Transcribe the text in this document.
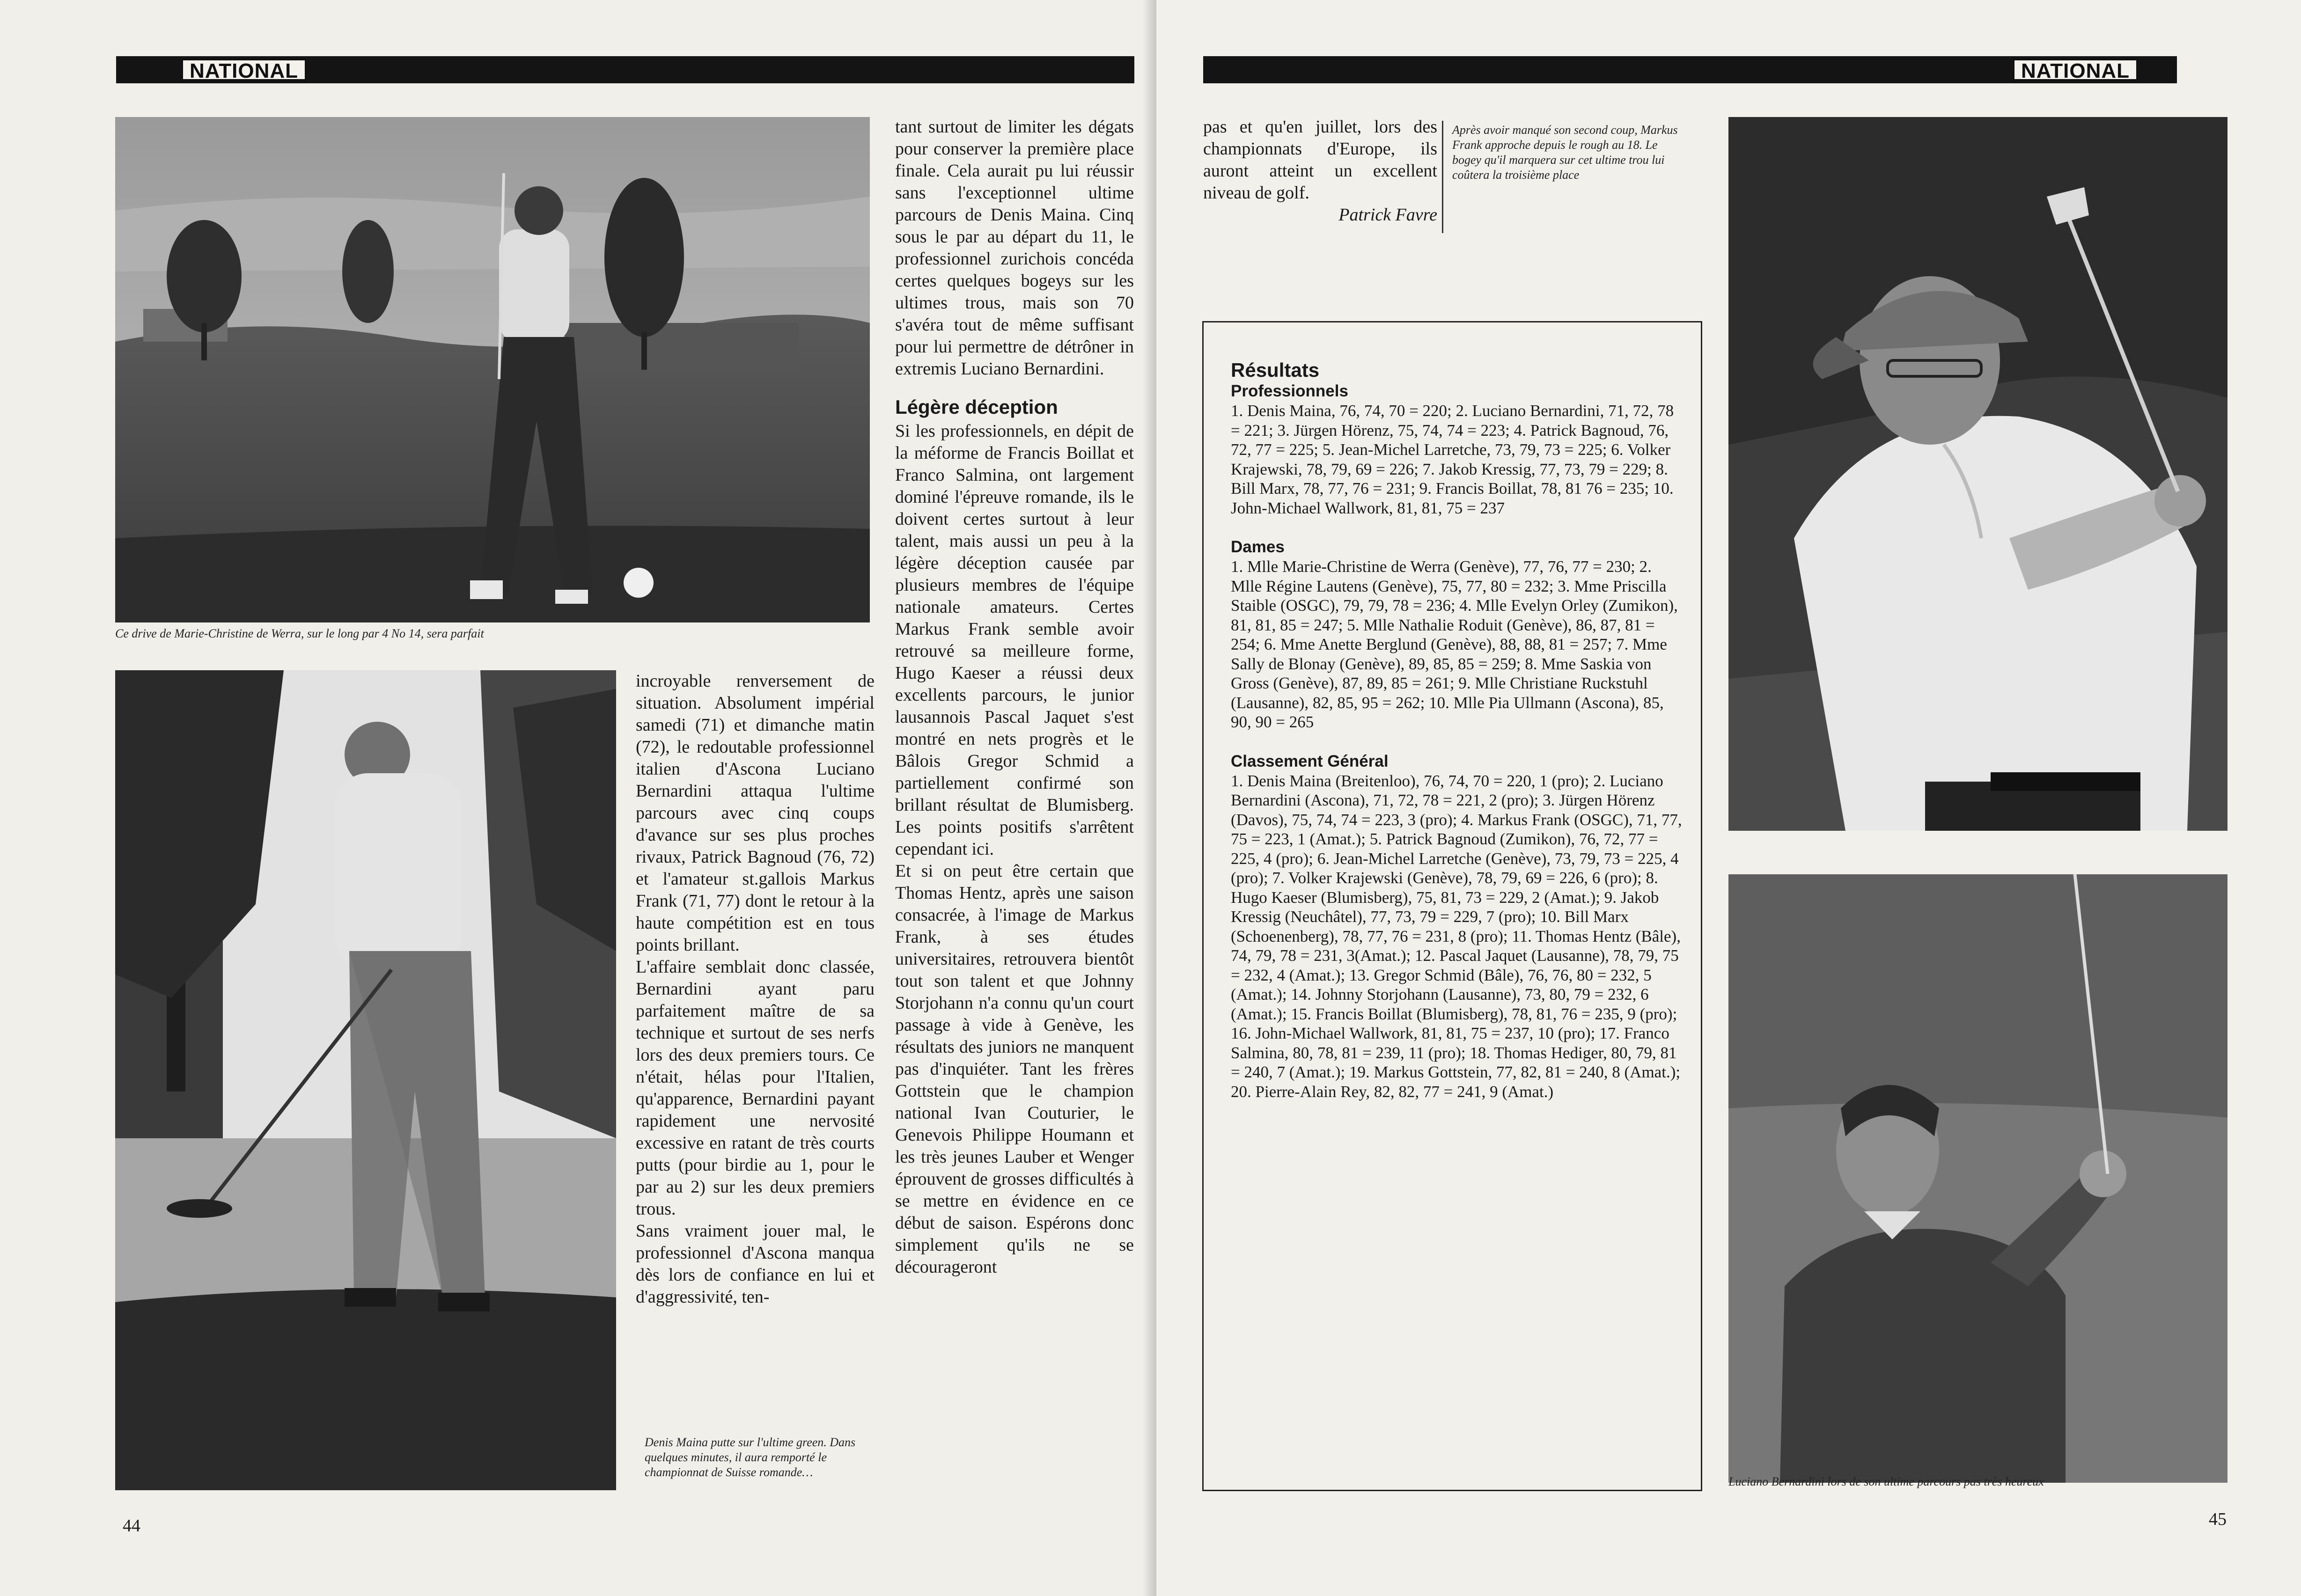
NATIONAL
Ce drive de Marie-Christine de Werra, sur le long par 4 No 14, sera parfait
Denis Maina putte sur l'ultime green. Dans quelques minutes, il aura remporté le championnat de Suisse romande…

incroyable renversement de situation. Absolument impérial samedi (71) et dimanche matin (72), le redoutable professionnel italien d'Ascona Luciano Bernardini attaqua l'ultime parcours avec cinq coups d'avance sur ses plus proches rivaux, Patrick Bagnoud (76, 72) et l'amateur st.gallois Markus Frank (71, 77) dont le retour à la haute compétition est en tous points brillant.

L'affaire semblait donc classée, Bernardini ayant paru parfaitement maître de sa technique et surtout de ses nerfs lors des deux premiers tours. Ce n'était, hélas pour l'Italien, qu'apparence, Bernardini payant rapidement une nervosité excessive en ratant de très courts putts (pour birdie au 1, pour le par au 2) sur les deux premiers trous.

Sans vraiment jouer mal, le professionnel d'Ascona manqua dès lors de confiance en lui et d'aggressivité, ten-

tant surtout de limiter les dégats pour conserver la première place finale. Cela aurait pu lui réussir sans l'exceptionnel ultime parcours de Denis Maina. Cinq sous le par au départ du 11, le professionnel zurichois concéda certes quelques bogeys sur les ultimes trous, mais son 70 s'avéra tout de même suffisant pour lui permettre de détrôner in extremis Luciano Bernardini.

Légère déception

Si les professionnels, en dépit de la méforme de Francis Boillat et Franco Salmina, ont largement dominé l'épreuve romande, ils le doivent certes surtout à leur talent, mais aussi un peu à la légère déception causée par plusieurs membres de l'équipe nationale amateurs. Certes Markus Frank semble avoir retrouvé sa meilleure forme, Hugo Kaeser a réussi deux excellents parcours, le junior lausannois Pascal Jaquet s'est montré en nets progrès et le Bâlois Gregor Schmid a partiellement confirmé son brillant résultat de Blumisberg. Les points positifs s'arrêtent cependant ici.

Et si on peut être certain que Thomas Hentz, après une saison consacrée, à l'image de Markus Frank, à ses études universitaires, retrouvera bientôt tout son talent et que Johnny Storjohann n'a connu qu'un court passage à vide à Genève, les résultats des juniors ne manquent pas d'inquiéter. Tant les frères Gottstein que le champion national Ivan Couturier, le Genevois Philippe Houmann et les très jeunes Lauber et Wenger éprouvent de grosses difficultés à se mettre en évidence en ce début de saison. Espérons donc simplement qu'ils ne se décourageront

44
NATIONAL

pas et qu'en juillet, lors des championnats d'Europe, ils auront atteint un excellent niveau de golf.

Patrick Favre

Après avoir manqué son second coup, Markus Frank approche depuis le rough au 18. Le bogey qu'il marquera sur cet ultime trou lui coûtera la troisième place
Résultats
Professionnels

1. Denis Maina, 76, 74, 70 = 220; 2. Luciano Bernardini, 71, 72, 78 = 221; 3. Jürgen Hörenz, 75, 74, 74 = 223; 4. Patrick Bagnoud, 76, 72, 77 = 225; 5. Jean-Michel Larretche, 73, 79, 73 = 225; 6. Volker Krajewski, 78, 79, 69 = 226; 7. Jakob Kressig, 77, 73, 79 = 229; 8. Bill Marx, 78, 77, 76 = 231; 9. Francis Boillat, 78, 81 76 = 235; 10. John-Michael Wallwork, 81, 81, 75 = 237

Dames

1. Mlle Marie-Christine de Werra (Genève), 77, 76, 77 = 230; 2. Mlle Régine Lautens (Genève), 75, 77, 80 = 232; 3. Mme Priscilla Staible (OSGC), 79, 79, 78 = 236; 4. Mlle Evelyn Orley (Zumikon), 81, 81, 85 = 247; 5. Mlle Nathalie Roduit (Genève), 86, 87, 81 = 254; 6. Mme Anette Berglund (Genève), 88, 88, 81 = 257; 7. Mme Sally de Blonay (Genève), 89, 85, 85 = 259; 8. Mme Saskia von Gross (Genève), 87, 89, 85 = 261; 9. Mlle Christiane Ruckstuhl (Lausanne), 82, 85, 95 = 262; 10. Mlle Pia Ullmann (Ascona), 85, 90, 90 = 265

Classement Général

1. Denis Maina (Breitenloo), 76, 74, 70 = 220, 1 (pro); 2. Luciano Bernardini (Ascona), 71, 72, 78 = 221, 2 (pro); 3. Jürgen Hörenz (Davos), 75, 74, 74 = 223, 3 (pro); 4. Markus Frank (OSGC), 71, 77, 75 = 223, 1 (Amat.); 5. Patrick Bagnoud (Zumikon), 76, 72, 77 = 225, 4 (pro); 6. Jean-Michel Larretche (Genève), 73, 79, 73 = 225, 4 (pro); 7. Volker Krajewski (Genève), 78, 79, 69 = 226, 6 (pro); 8. Hugo Kaeser (Blumisberg), 75, 81, 73 = 229, 2 (Amat.); 9. Jakob Kressig (Neuchâtel), 77, 73, 79 = 229, 7 (pro); 10. Bill Marx (Schoenenberg), 78, 77, 76 = 231, 8 (pro); 11. Thomas Hentz (Bâle), 74, 79, 78 = 231, 3(Amat.); 12. Pascal Jaquet (Lausanne), 78, 79, 75 = 232, 4 (Amat.); 13. Gregor Schmid (Bâle), 76, 76, 80 = 232, 5 (Amat.); 14. Johnny Storjohann (Lausanne), 73, 80, 79 = 232, 6 (Amat.); 15. Francis Boillat (Blumisberg), 78, 81, 76 = 235, 9 (pro); 16. John-Michael Wallwork, 81, 81, 75 = 237, 10 (pro); 17. Franco Salmina, 80, 78, 81 = 239, 11 (pro); 18. Thomas Hediger, 80, 79, 81 = 240, 7 (Amat.); 19. Markus Gottstein, 77, 82, 81 = 240, 8 (Amat.); 20. Pierre-Alain Rey, 82, 82, 77 = 241, 9 (Amat.)

Luciano Bernardini lors de son ultime parcours pas très heureux
45
